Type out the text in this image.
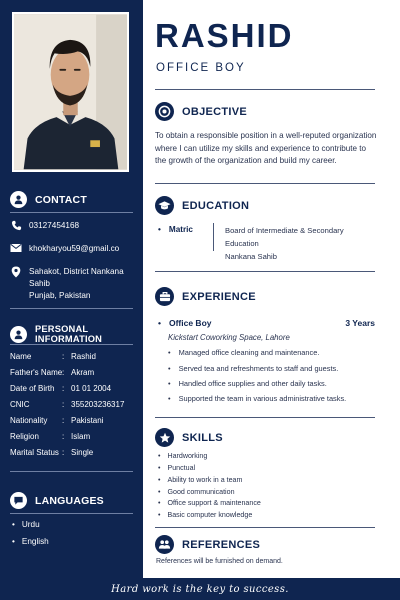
CONTACT
03127454168
khokharyou59@gmail.co
Sahakot, District Nankana Sahib
Punjab, Pakistan
PERSONAL INFORMATION
Name	: Rashid
Father's Name : Akram
Date of Birth : 01 01 2004
CNIC	: 355203236317
Nationality : Pakistani
Religion	: Islam
Marital Status : Single
LANGUAGES
• Urdu
• English
RASHID
OFFICE BOY
OBJECTIVE
To obtain a responsible position in a well-reputed organization where I can utilize my skills and experience to contribute to the growth of the organization and build my career.
EDUCATION
• Matric	Board of Intermediate & Secondary Education
Nankana Sahib
EXPERIENCE
• Office Boy	3 Years
Kickstart Coworking Space, Lahore
• Managed office cleaning and maintenance.
• Served tea and refreshments to staff and guests.
• Handled office supplies and other daily tasks.
• Supported the team in various administrative tasks.
SKILLS
• Hardworking
• Punctual
• Ability to work in a team
• Good communication
• Office support & maintenance
• Basic computer knowledge
REFERENCES
References will be furnished on demand.
Hard work is the key to success.
